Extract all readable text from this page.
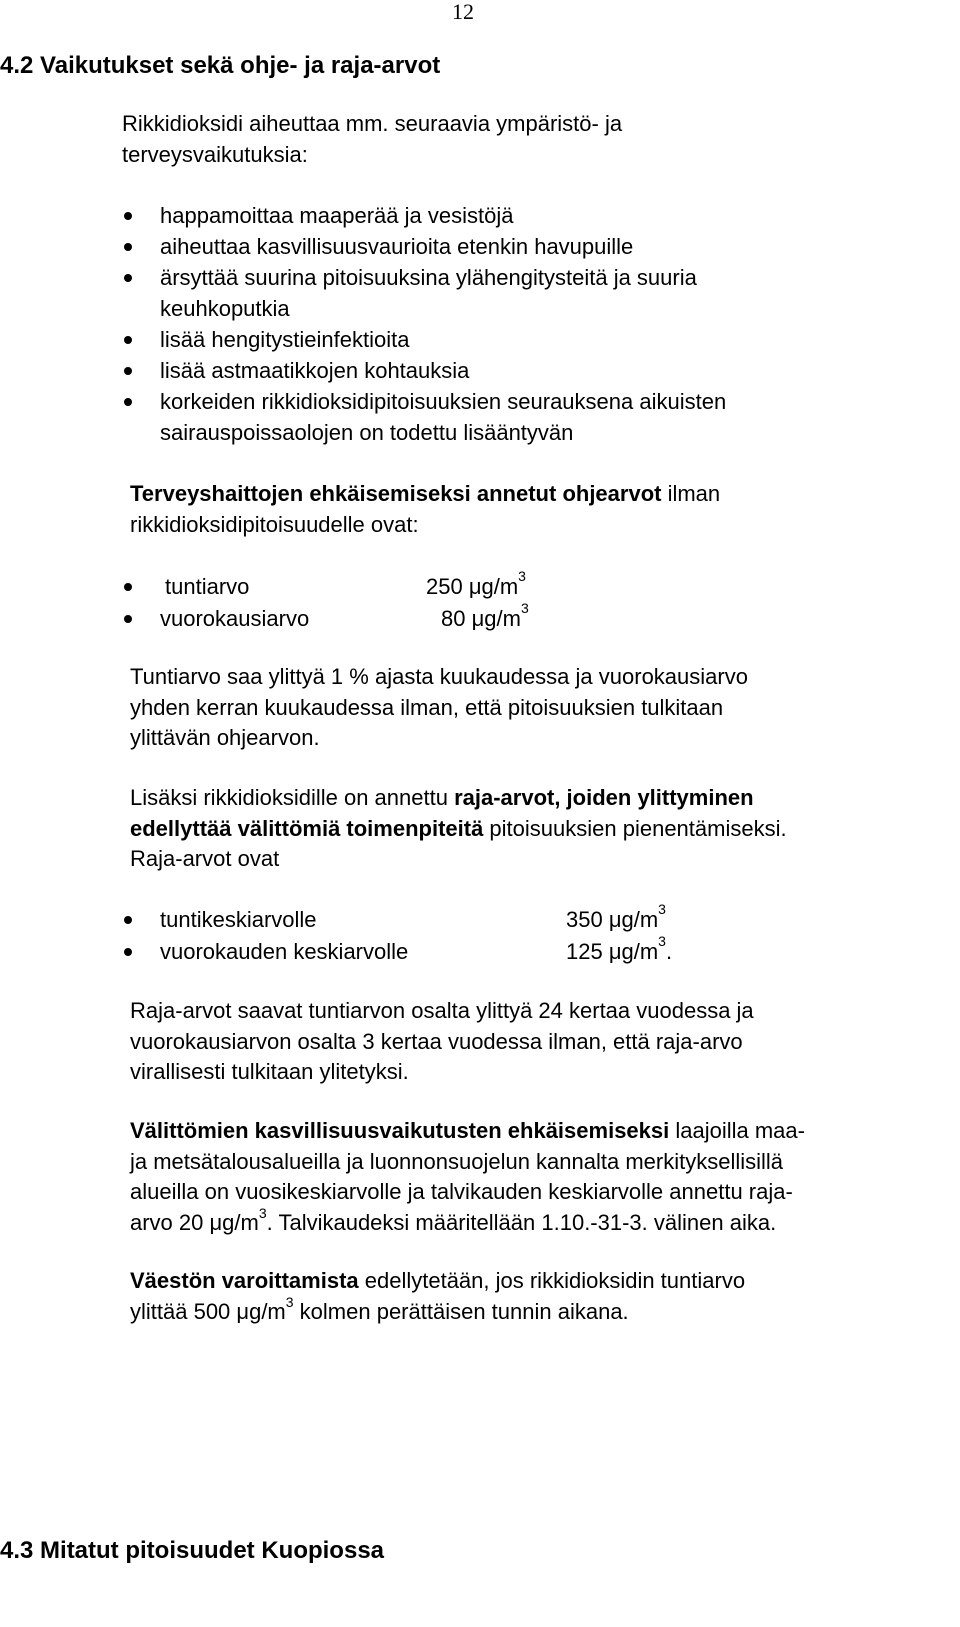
12
4.2 Vaikutukset sekä ohje- ja raja-arvot

Rikkidioksidi aiheuttaa mm. seuraavia ympäristö- ja terveysvaikutuksia:

happamoittaa maaperää ja vesistöjä
aiheuttaa kasvillisuusvaurioita etenkin havupuille
ärsyttää suurina pitoisuuksina ylähengitysteitä ja suuria
keuhkoputkia
lisää hengitystieinfektioita
lisää astmaatikkojen kohtauksia
korkeiden rikkidioksidipitoisuuksien seurauksena aikuisten
sairauspoissaolojen on todettu lisääntyvän

Terveyshaittojen ehkäisemiseksi annetut ohjearvot ilman
rikkidioksidipitoisuudelle ovat:

tuntiarvo	250 $\mu g/m^3$
vuorokausiarvo	80 $\mu g/m^3$

Tuntiarvo saa ylittyä 1 % ajasta kuukaudessa ja vuorokausiarvo
yhden kerran kuukaudessa ilman, että pitoisuuksien tulkitaan
ylittävän ohjearvon.

Lisäksi rikkidioksidille on annettu raja-arvot, joiden ylittyminen
edellyttää välittömiä toimenpiteitä pitoisuuksien pienentämiseksi.
Raja-arvot ovat

tuntikeskiarvolle	350 $\mu g/m^3$
vuorokauden keskiarvolle	125 $\mu g/m^3$.

Raja-arvot saavat tuntiarvon osalta ylittyä 24 kertaa vuodessa ja
vuorokausiarvon osalta 3 kertaa vuodessa ilman, että raja-arvo
virallisesti tulkitaan ylitetyksi.

Välittömien kasvillisuusvaikutusten ehkäisemiseksi laajoilla maa-
ja metsätalousalueilla ja luonnonsuojelun kannalta merkityksellisillä
alueilla on vuosikeskiarvolle ja talvikauden keskiarvolle annettu raja-
arvo 20 $\mu g/m^3$. Talvikaudeksi määritellään 1.10.-31-3. välinen aika.

Väestön varoittamista edellytetään, jos rikkidioksidin tuntiarvo
ylittää 500 $\mu g/m^3$ kolmen perättäisen tunnin aikana.

4.3 Mitatut pitoisuudet Kuopiossa
